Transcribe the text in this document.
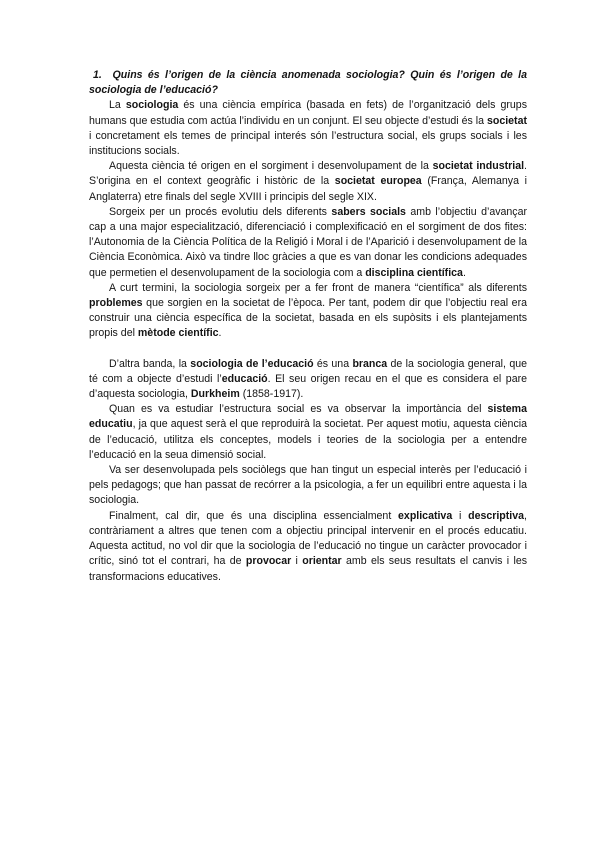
1. Quins és l’origen de la ciència anomenada sociologia? Quin és l’origen de la sociologia de l’educació?

La sociologia és una ciència empírica (basada en fets) de l’organització dels grups humans que estudia com actúa l’individu en un conjunt. El seu objecte d’estudi és la societat i concretament els temes de principal interés són l’estructura social, els grups socials i les institucions socials.

Aquesta ciència té origen en el sorgiment i desenvolupament de la societat industrial. S’origina en el context geogràfic i històric de la societat europea (França, Alemanya i Anglaterra) etre finals del segle XVIII i principis del segle XIX.

Sorgeix per un procés evolutiu dels diferents sabers socials amb l’objectiu d’avançar cap a una major especialització, diferenciació i complexificació en el sorgiment de dos fites: l’Autonomia de la Ciència Política de la Religió i Moral i de l’Aparició i desenvolupament de la Ciència Econòmica. Això va tindre lloc gràcies a que es van donar les condicions adequades que permetien el desenvolupament de la sociologia com a disciplina científica.

A curt termini, la sociologia sorgeix per a fer front de manera “científica” als diferents problemes que sorgien en la societat de l’època. Per tant, podem dir que l’objectiu real era construir una ciència específica de la societat, basada en els supòsits i els plantejaments propis del mètode científic.

D’altra banda, la sociologia de l’educació és una branca de la sociologia general, que té com a objecte d’estudi l’educació. El seu origen recau en el que es considera el pare d’aquesta sociologia, Durkheim (1858-1917).

Quan es va estudiar l’estructura social es va observar la importància del sistema educatiu, ja que aquest serà el que reproduirà la societat. Per aquest motiu, aquesta ciència de l’educació, utilitza els conceptes, models i teories de la sociologia per a entendre l’educació en la seua dimensió social.

Va ser desenvolupada pels sociòlegs que han tingut un especial interès per l’educació i pels pedagogs; que han passat de recórrer a la psicologia, a fer un equilibri entre aquesta i la sociologia.

Finalment, cal dir, que és una disciplina essencialment explicativa i descriptiva, contràriament a altres que tenen com a objectiu principal intervenir en el procés educatiu. Aquesta actitud, no vol dir que la sociologia de l’educació no tingue un caràcter provocador i crític, sinó tot el contrari, ha de provocar i orientar amb els seus resultats el canvis i les transformacions educatives.
